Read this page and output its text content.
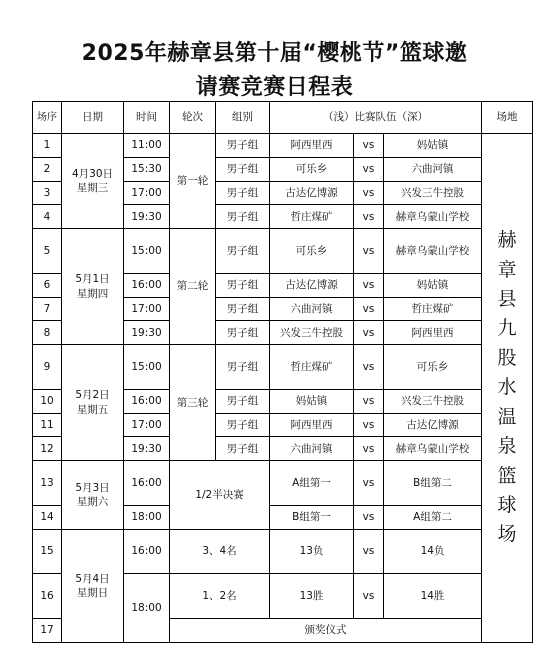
2025年赫章县第十届“樱桃节”篮球邀
请赛竞赛日程表
场序	日期	时间	轮次	组别	（浅）比赛队伍（深）			场地
1	4月30日
星期三	11:00	第一轮	男子组	阿西里西	vs	妈姑镇	赫章县九股水温泉篮球场

2		15:30		男子组	可乐乡	vs	六曲河镇	
3		17:00		男子组	古达亿博源	vs	兴发三牛控股	
4		19:30		男子组	哲庄煤矿	vs	赫章乌蒙山学校	
5	5月1日
星期四	15:00	第二轮	男子组	可乐乡	vs	赫章乌蒙山学校	
6		16:00		男子组	古达亿博源	vs	妈姑镇	
7		17:00		男子组	六曲河镇	vs	哲庄煤矿	
8		19:30		男子组	兴发三牛控股	vs	阿西里西	
9	5月2日
星期五	15:00	第三轮	男子组	哲庄煤矿	vs	可乐乡	
10		16:00		男子组	妈姑镇	vs	兴发三牛控股	
11		17:00		男子组	阿西里西	vs	古达亿博源	
12		19:30		男子组	六曲河镇	vs	赫章乌蒙山学校	
13	5月3日
星期六	16:00	1/2半决赛		A组第一	vs	B组第二	
14		18:00			B组第一	vs	A组第二	
15	5月4日
星期日	16:00	3、4名		13负	vs	14负	
16		18:00	1、2名		13胜	vs	14胜	
17			颁奖仪式					
